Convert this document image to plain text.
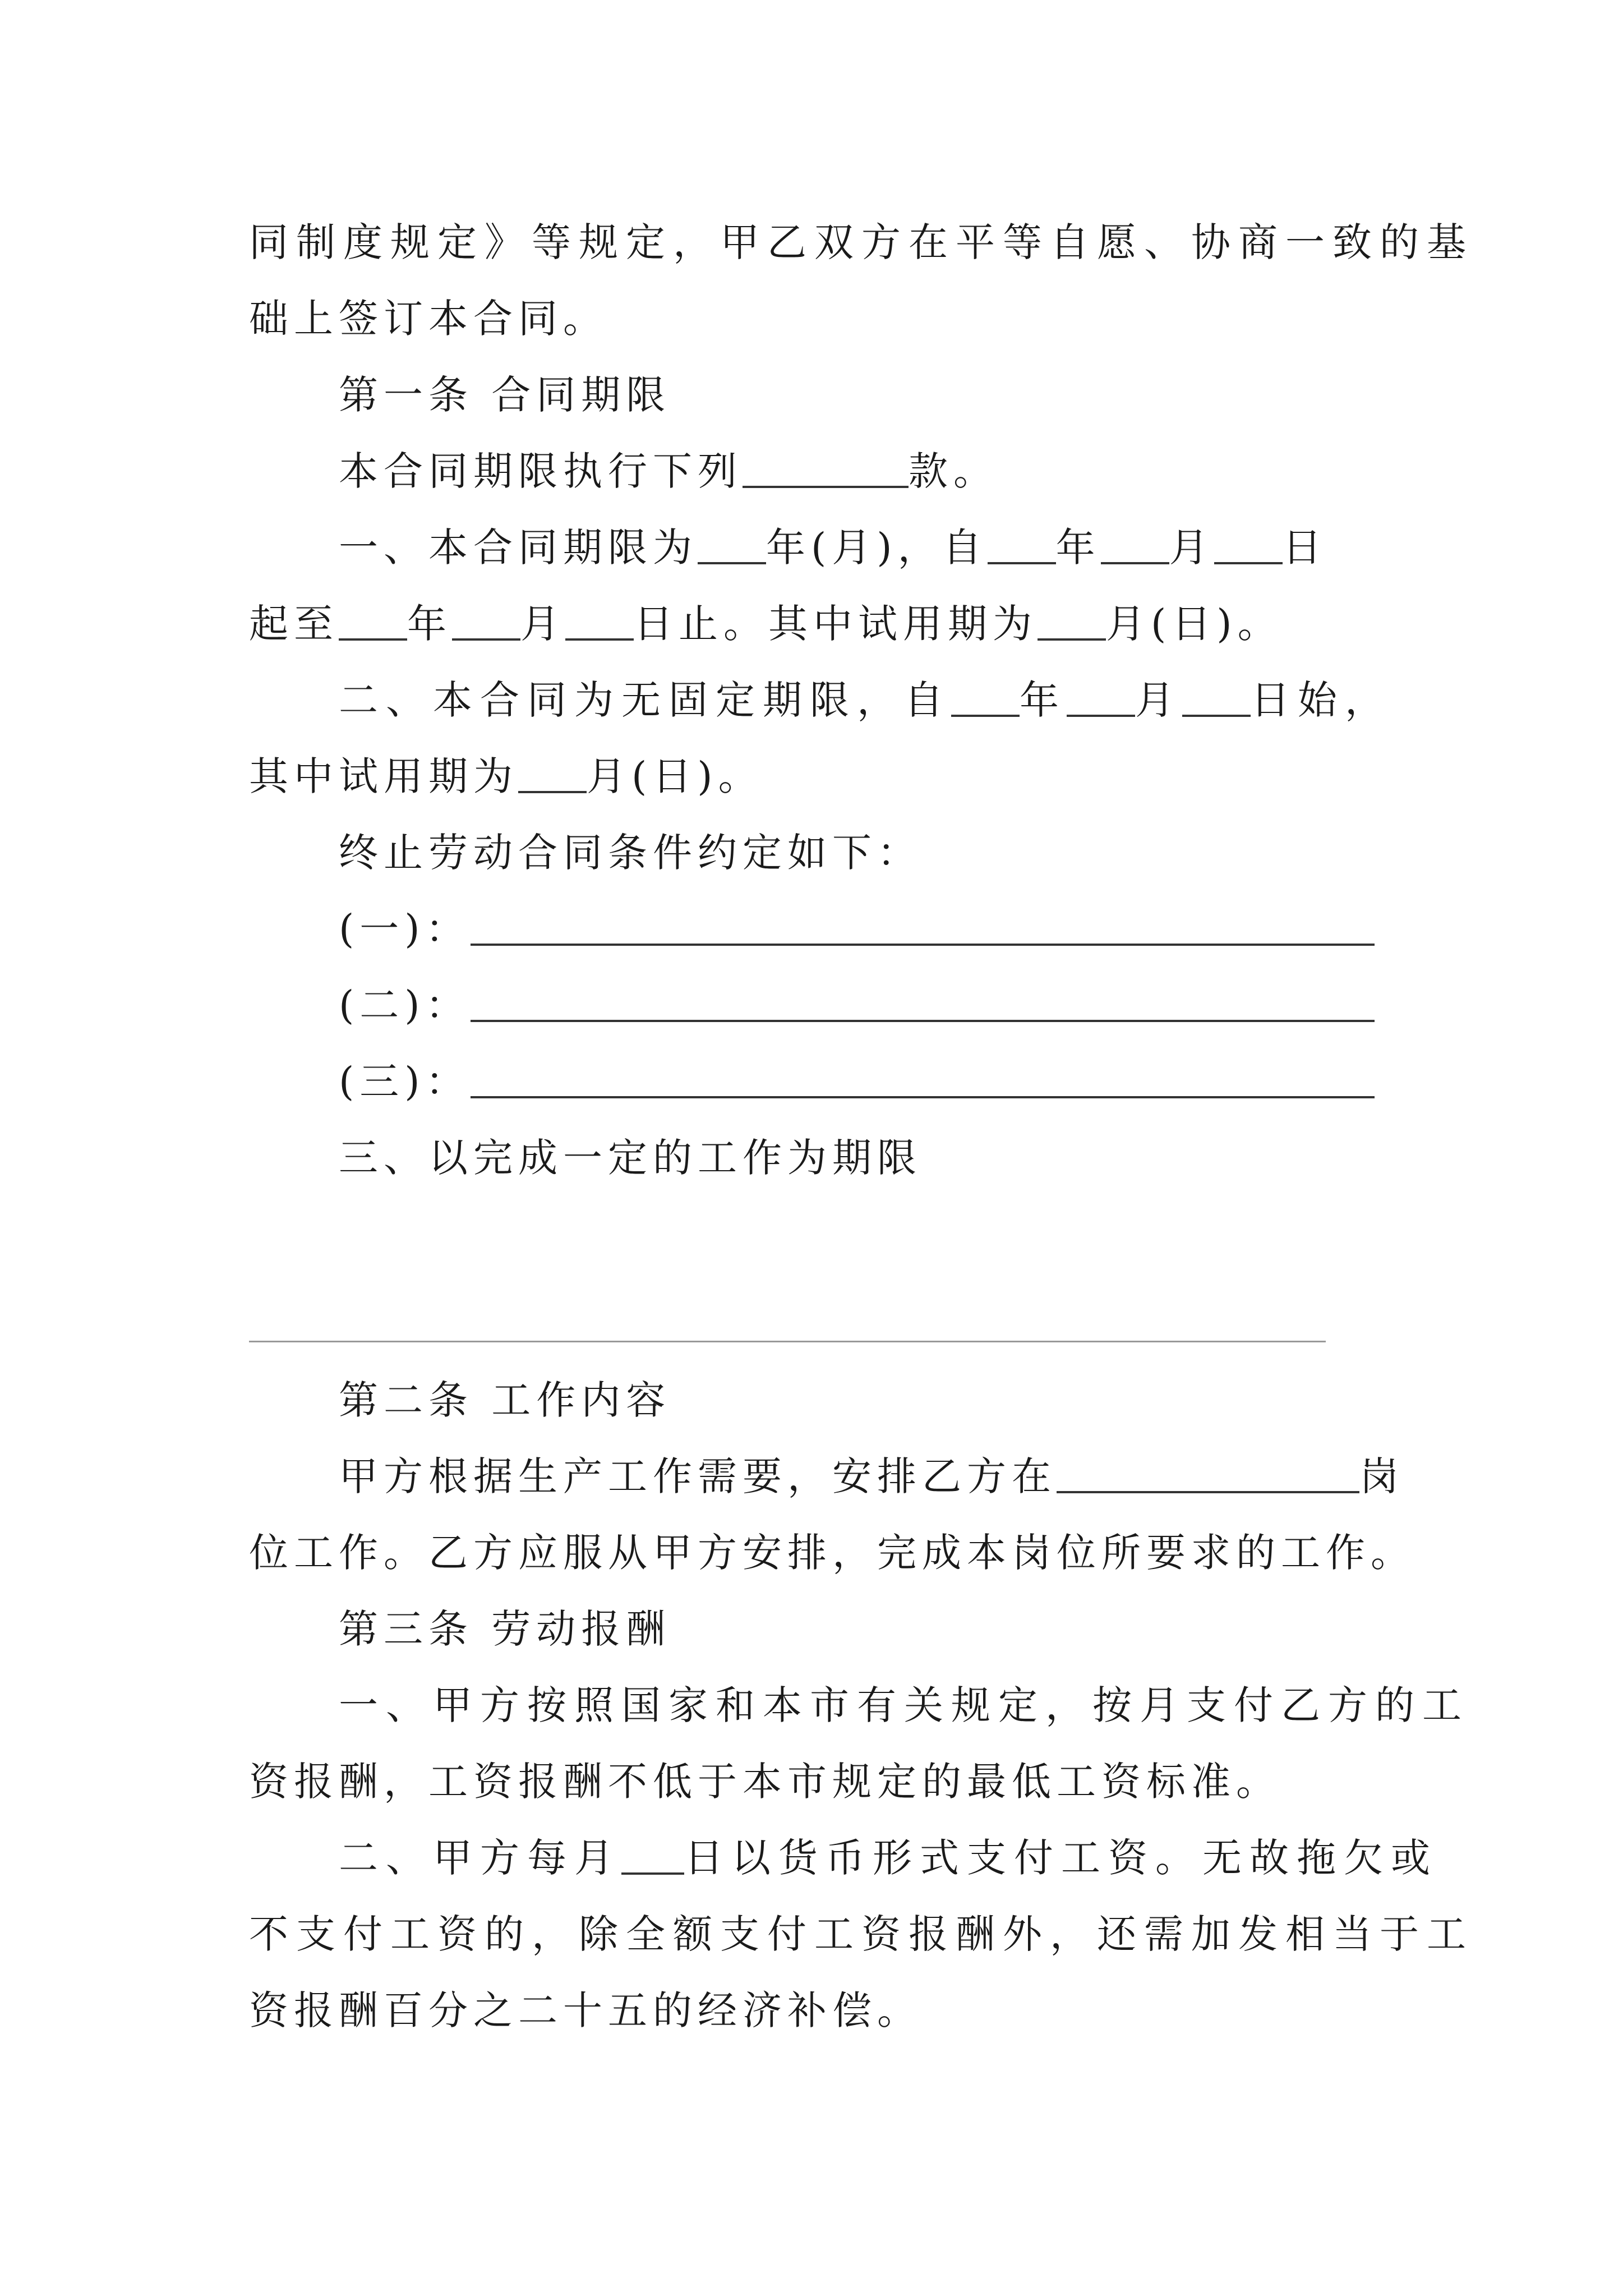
同制度规定》等规定，甲乙双方在平等自愿、协商一致的基
础上签订本合同。
第一条 合同期限
本合同期限执行下列	款。
一、本合同期限为 年(月)，自 年 月 日
起至 年 月 日止。其中试用期为 月(日)。
二、本合同为无固定期限，自 年 月 日始，
其中试用期为 月(日)。
终止劳动合同条件约定如下：
(一)：
(二)：
(三)：
三、以完成一定的工作为期限
第二条 工作内容
甲方根据生产工作需要，安排乙方在	岗
位工作。乙方应服从甲方安排，完成本岗位所要求的工作。
第三条 劳动报酬
一、甲方按照国家和本市有关规定，按月支付乙方的工
资报酬，工资报酬不低于本市规定的最低工资标准。
二、甲方每月 日以货币形式支付工资。无故拖欠或
不支付工资的，除全额支付工资报酬外，还需加发相当于工
资报酬百分之二十五的经济补偿。
